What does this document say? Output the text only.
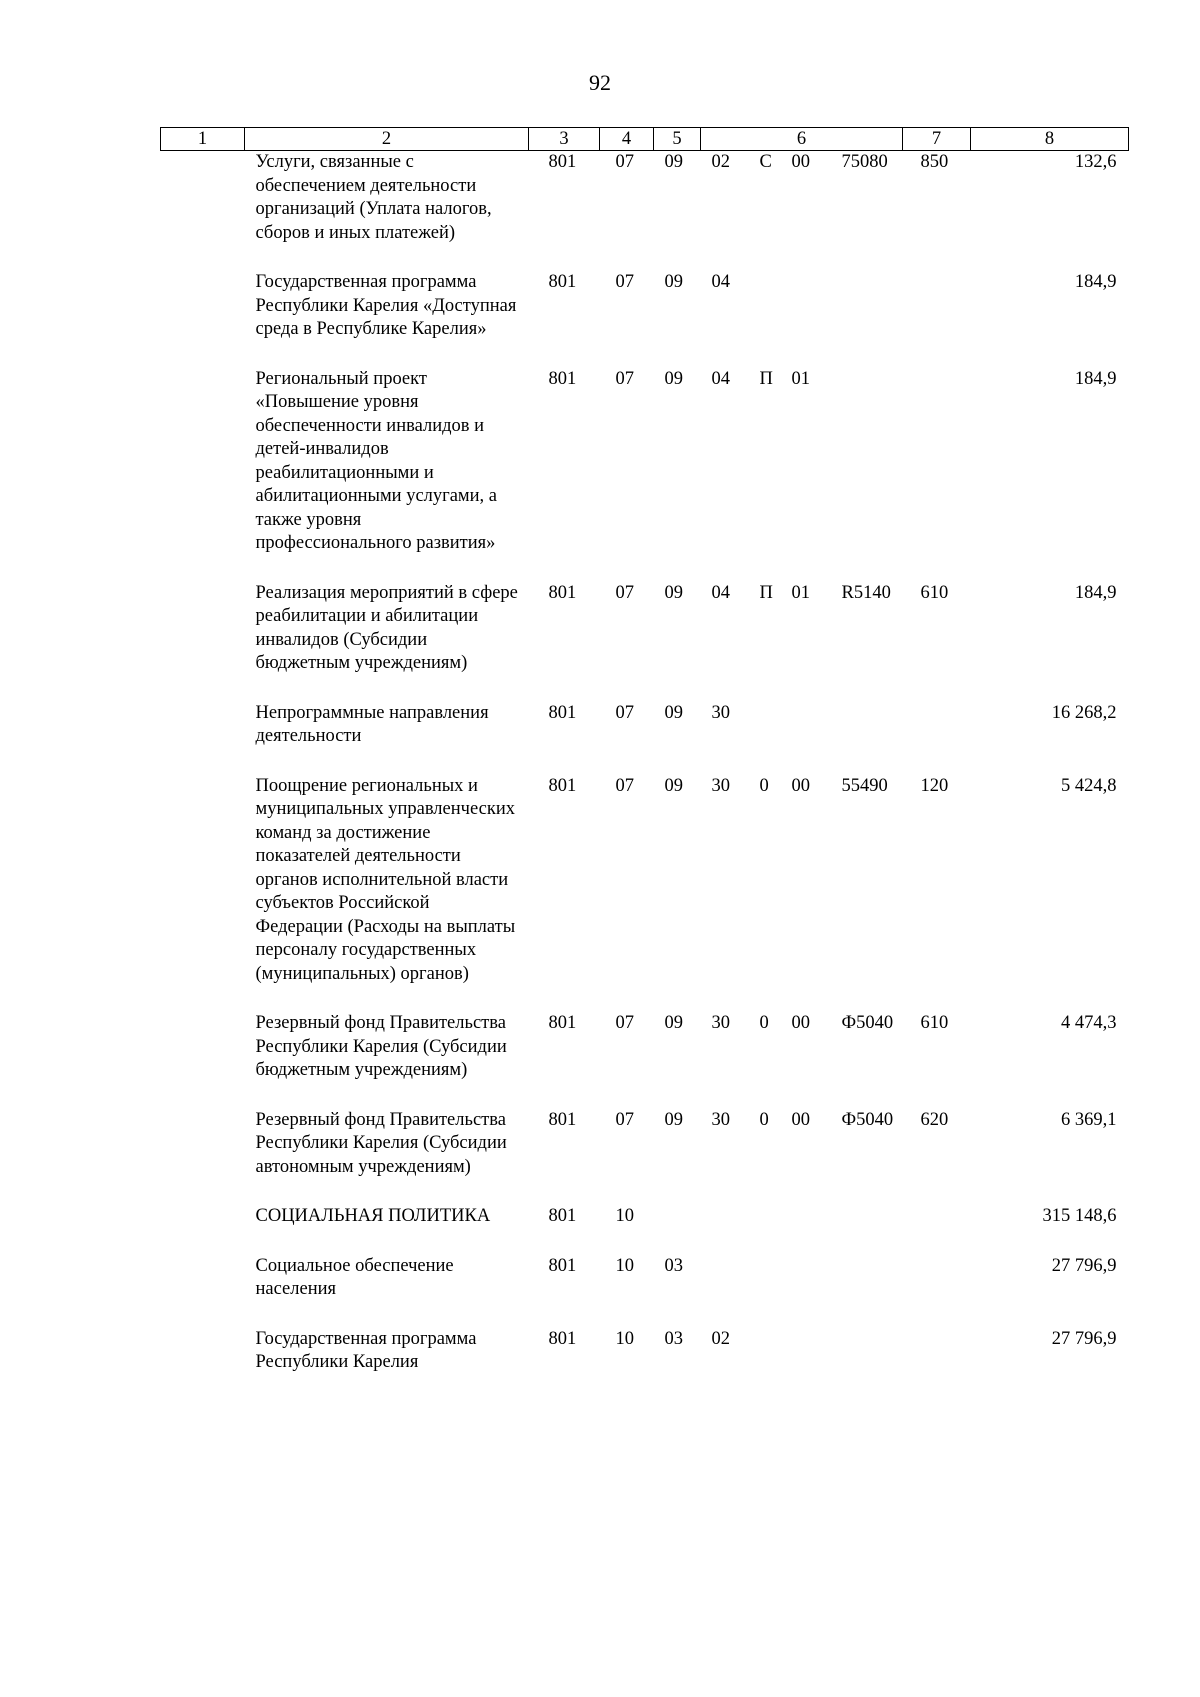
92
1	2	3	4	5	6				7	8
	Услуги, связанные с обеспечением деятельности организаций (Уплата налогов, сборов и иных платежей)	801	07	09	02	С	00	75080	850	132,6
	Государственная программа Республики Карелия «Доступная среда в Республике Карелия»	801	07	09	04					184,9
	Региональный проект «Повышение уровня обеспеченности инвалидов и детей-инвалидов реабилитационными и абилитационными услугами, а также уровня профессионального развития»	801	07	09	04	П	01			184,9
	Реализация мероприятий в сфере реабилитации и абилитации инвалидов (Субсидии бюджетным учреждениям)	801	07	09	04	П	01	R5140	610	184,9
	Непрограммные направления деятельности	801	07	09	30					16 268,2
	Поощрение региональных и муниципальных управленческих команд за достижение показателей деятельности органов исполнительной власти субъектов Российской Федерации (Расходы на выплаты персоналу государственных (муниципальных) органов)	801	07	09	30	0	00	55490	120	5 424,8
	Резервный фонд Правительства Республики Карелия (Субсидии бюджетным учреждениям)	801	07	09	30	0	00	Ф5040	610	4 474,3
	Резервный фонд Правительства Республики Карелия (Субсидии автономным учреждениям)	801	07	09	30	0	00	Ф5040	620	6 369,1
	СОЦИАЛЬНАЯ ПОЛИТИКА	801	10							315 148,6
	Социальное обеспечение населения	801	10	03						27 796,9
	Государственная программа Республики Карелия	801	10	03	02					27 796,9
